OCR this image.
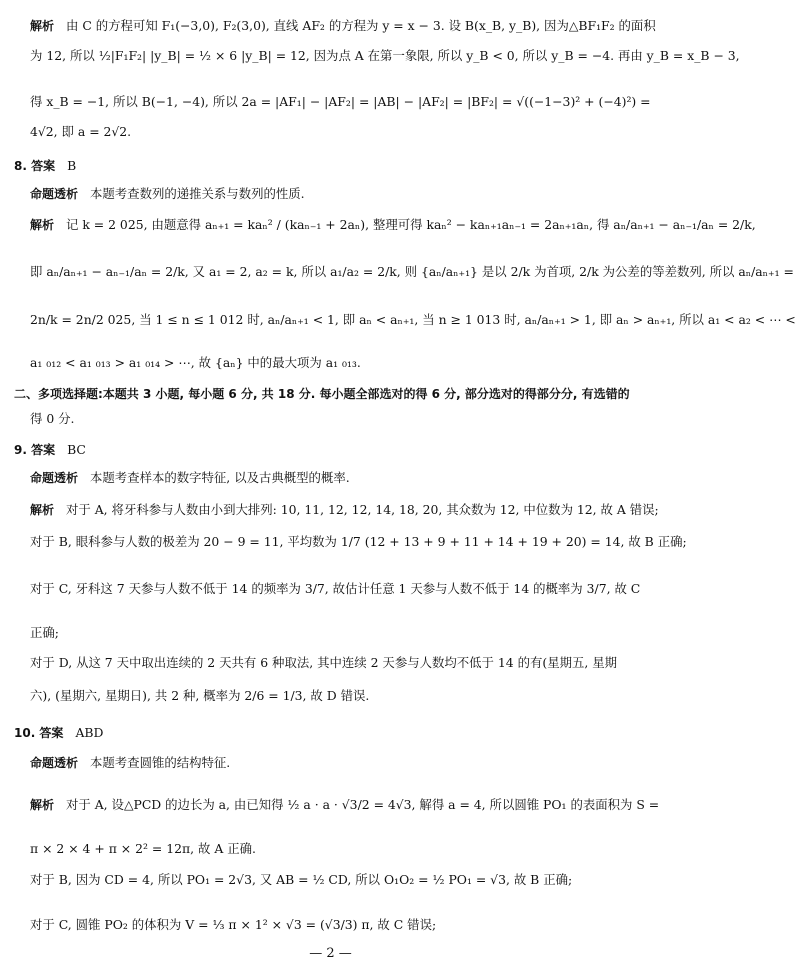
解析 由 C 的方程可知 F₁(−3,0), F₂(3,0), 直线 AF₂ 的方程为 y = x − 3. 设 B(x_B, y_B), 因为△BF₁F₂ 的面积
为 12, 所以 ½|F₁F₂| |y_B| = ½ × 6 |y_B| = 12, 因为点 A 在第一象限, 所以 y_B < 0, 所以 y_B = −4. 再由 y_B = x_B − 3,
得 x_B = −1, 所以 B(−1, −4), 所以 2a = |AF₁| − |AF₂| = |AB| − |AF₂| = |BF₂| = √((−1−3)² + (−4)²) =
4√2, 即 a = 2√2.
8. 答案 B
命题透析 本题考查数列的递推关系与数列的性质.
解析 记 k = 2 025, 由题意得 aₙ₊₁ = kaₙ² / (kaₙ₋₁ + 2aₙ), 整理可得 kaₙ² − kaₙ₊₁aₙ₋₁ = 2aₙ₊₁aₙ, 得 aₙ/aₙ₊₁ − aₙ₋₁/aₙ = 2/k,
即 aₙ/aₙ₊₁ − aₙ₋₁/aₙ = 2/k, 又 a₁ = 2, a₂ = k, 所以 a₁/a₂ = 2/k, 则 {aₙ/aₙ₊₁} 是以 2/k 为首项, 2/k 为公差的等差数列, 所以 aₙ/aₙ₊₁ =
2n/k = 2n/2 025, 当 1 ≤ n ≤ 1 012 时, aₙ/aₙ₊₁ < 1, 即 aₙ < aₙ₊₁, 当 n ≥ 1 013 时, aₙ/aₙ₊₁ > 1, 即 aₙ > aₙ₊₁, 所以 a₁ < a₂ < ⋯ <
a₁ ₀₁₂ < a₁ ₀₁₃ > a₁ ₀₁₄ > ⋯, 故 {aₙ} 中的最大项为 a₁ ₀₁₃.
二、多项选择题:本题共 3 小题, 每小题 6 分, 共 18 分. 每小题全部选对的得 6 分, 部分选对的得部分分, 有选错的
得 0 分.
9. 答案 BC
命题透析 本题考查样本的数字特征, 以及古典概型的概率.
解析 对于 A, 将牙科参与人数由小到大排列: 10, 11, 12, 12, 14, 18, 20, 其众数为 12, 中位数为 12, 故 A 错误;
对于 B, 眼科参与人数的极差为 20 − 9 = 11, 平均数为 1/7 (12 + 13 + 9 + 11 + 14 + 19 + 20) = 14, 故 B 正确;
对于 C, 牙科这 7 天参与人数不低于 14 的频率为 3/7, 故估计任意 1 天参与人数不低于 14 的概率为 3/7, 故 C
正确;
对于 D, 从这 7 天中取出连续的 2 天共有 6 种取法, 其中连续 2 天参与人数均不低于 14 的有(星期五, 星期
六), (星期六, 星期日), 共 2 种, 概率为 2/6 = 1/3, 故 D 错误.
10. 答案 ABD
命题透析 本题考查圆锥的结构特征.
解析 对于 A, 设△PCD 的边长为 a, 由已知得 ½ a · a · √3/2 = 4√3, 解得 a = 4, 所以圆锥 PO₁ 的表面积为 S =
π × 2 × 4 + π × 2² = 12π, 故 A 正确.
对于 B, 因为 CD = 4, 所以 PO₁ = 2√3, 又 AB = ½ CD, 所以 O₁O₂ = ½ PO₁ = √3, 故 B 正确;
对于 C, 圆锥 PO₂ 的体积为 V = ⅓ π × 1² × √3 = (√3/3) π, 故 C 错误;
— 2 —
